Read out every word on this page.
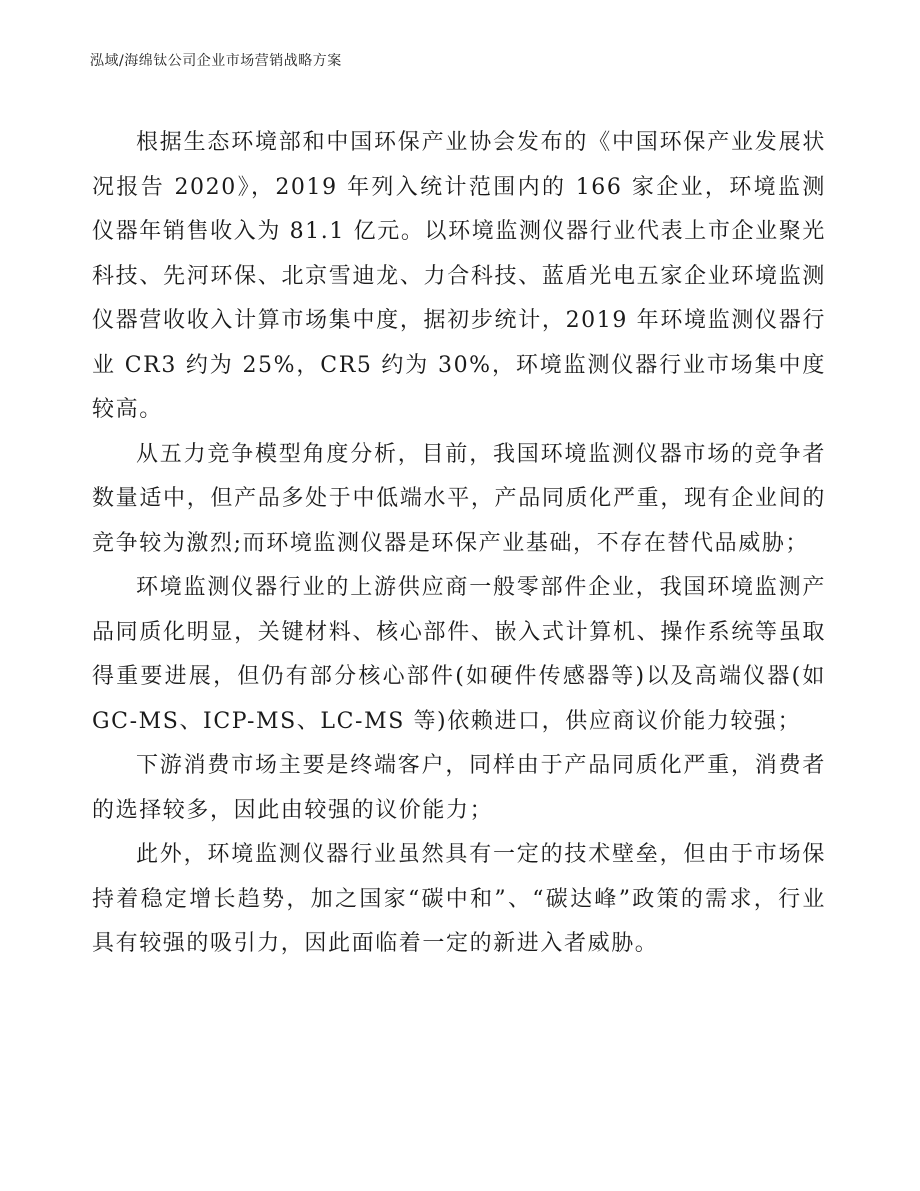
泓域/海绵钛公司企业市场营销战略方案

根据生态环境部和中国环保产业协会发布的《中国环保产业发展状况报告 2020》，2019 年列入统计范围内的 166 家企业，环境监测仪器年销售收入为 81.1 亿元。以环境监测仪器行业代表上市企业聚光科技、先河环保、北京雪迪龙、力合科技、蓝盾光电五家企业环境监测仪器营收收入计算市场集中度，据初步统计，2019 年环境监测仪器行业 CR3 约为 25%，CR5 约为 30%，环境监测仪器行业市场集中度较高。

从五力竞争模型角度分析，目前，我国环境监测仪器市场的竞争者数量适中，但产品多处于中低端水平，产品同质化严重，现有企业间的竞争较为激烈;而环境监测仪器是环保产业基础，不存在替代品威胁；

环境监测仪器行业的上游供应商一般零部件企业，我国环境监测产品同质化明显，关键材料、核心部件、嵌入式计算机、操作系统等虽取得重要进展，但仍有部分核心部件(如硬件传感器等)以及高端仪器(如 GC-MS、ICP-MS、LC-MS 等)依赖进口，供应商议价能力较强；

下游消费市场主要是终端客户，同样由于产品同质化严重，消费者的选择较多，因此由较强的议价能力；

此外，环境监测仪器行业虽然具有一定的技术壁垒，但由于市场保持着稳定增长趋势，加之国家“碳中和”、“碳达峰”政策的需求，行业具有较强的吸引力，因此面临着一定的新进入者威胁。
